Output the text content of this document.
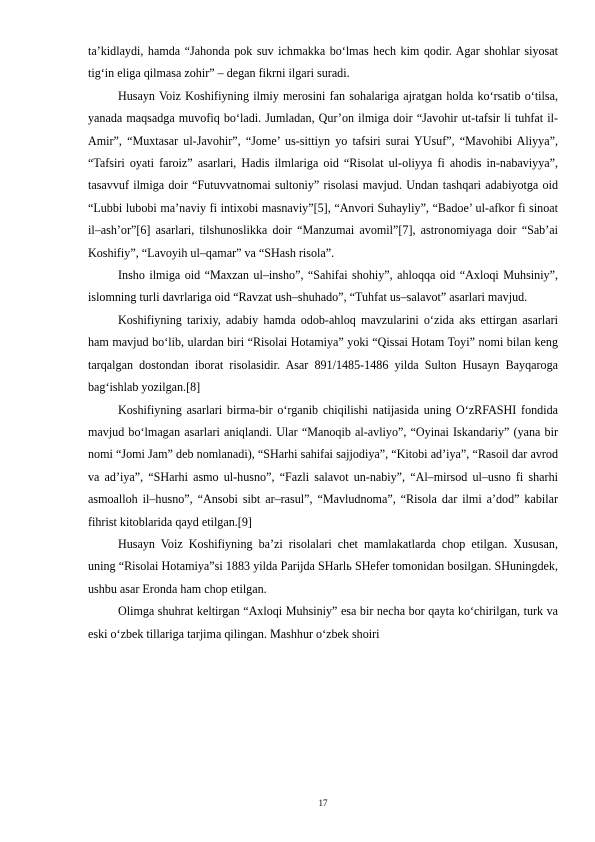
ta’kidlaydi, hamda “Jahonda pok suv ichmakka bo‘lmas hech kim qodir. Agar shohlar siyosat tig‘in eliga qilmasa zohir” – degan fikrni ilgari suradi.

Husayn Voiz Koshifiyning ilmiy merosini fan sohalariga ajratgan holda ko‘rsatib o‘tilsa, yanada maqsadga muvofiq bo‘ladi. Jumladan, Qur’on ilmiga doir “Javohir ut-tafsir li tuhfat il-Amir”, “Muxtasar ul-Javohir”, “Jome’ us-sittiyn yo tafsiri surai YUsuf”, “Mavohibi Aliyya”, “Tafsiri oyati faroiz” asarlari, Hadis ilmlariga oid “Risolat ul-oliyya fi ahodis in-nabaviyya”, tasavvuf ilmiga doir “Futuvvatnomai sultoniy” risolasi mavjud. Undan tashqari adabiyotga oid “Lubbi lubobi ma’naviy fi intixobi masnaviy”[5], “Anvori Suhayliy”, “Badoe’ ul-afkor fi sinoat il–ash’or”[6] asarlari, tilshunoslikka doir “Manzumai avomil”[7], astronomiyaga doir “Sab’ai Koshifiy”, “Lavoyih ul–qamar” va “SHash risola”.

Insho ilmiga oid “Maxzan ul–insho”, “Sahifai shohiy”, ahloqqa oid “Axloqi Muhsiniy”, islomning turli davrlariga oid “Ravzat ush–shuhado”, “Tuhfat us–salavot” asarlari mavjud.

Koshifiyning tarixiy, adabiy hamda odob-ahloq mavzularini o‘zida aks ettirgan asarlari ham mavjud bo‘lib, ulardan biri “Risolai Hotamiya” yoki “Qissai Hotam Toyi” nomi bilan keng tarqalgan dostondan iborat risolasidir. Asar 891/1485-1486 yilda Sulton Husayn Bayqaroga bag‘ishlab yozilgan.[8]

Koshifiyning asarlari birma-bir o‘rganib chiqilishi natijasida uning O‘zRFASHI fondida mavjud bo‘lmagan asarlari aniqlandi. Ular “Manoqib al-avliyo”, “Oyinai Iskandariy” (yana bir nomi “Jomi Jam” deb nomlanadi), “SHarhi sahifai sajjodiya”, “Kitobi ad’iya”, “Rasoil dar avrod va ad’iya”, “SHarhi asmo ul-husno”, “Fazli salavot un-nabiy”, “Al–mirsod ul–usno fi sharhi asmoalloh il–husno”, “Ansobi sibt ar–rasul”, “Mavludnoma”, “Risola dar ilmi a’dod” kabilar fihrist kitoblarida qayd etilgan.[9]

Husayn Voiz Koshifiyning ba’zi risolalari chet mamlakatlarda chop etilgan. Xususan, uning “Risolai Hotamiya”si 1883 yilda Parijda SHarlь SHefer tomonidan bosilgan. SHuningdek, ushbu asar Eronda ham chop etilgan.

Olimga shuhrat keltirgan “Axloqi Muhsiniy” esa bir necha bor qayta ko‘chirilgan, turk va eski o‘zbek tillariga tarjima qilingan. Mashhur o‘zbek shoiri

17
